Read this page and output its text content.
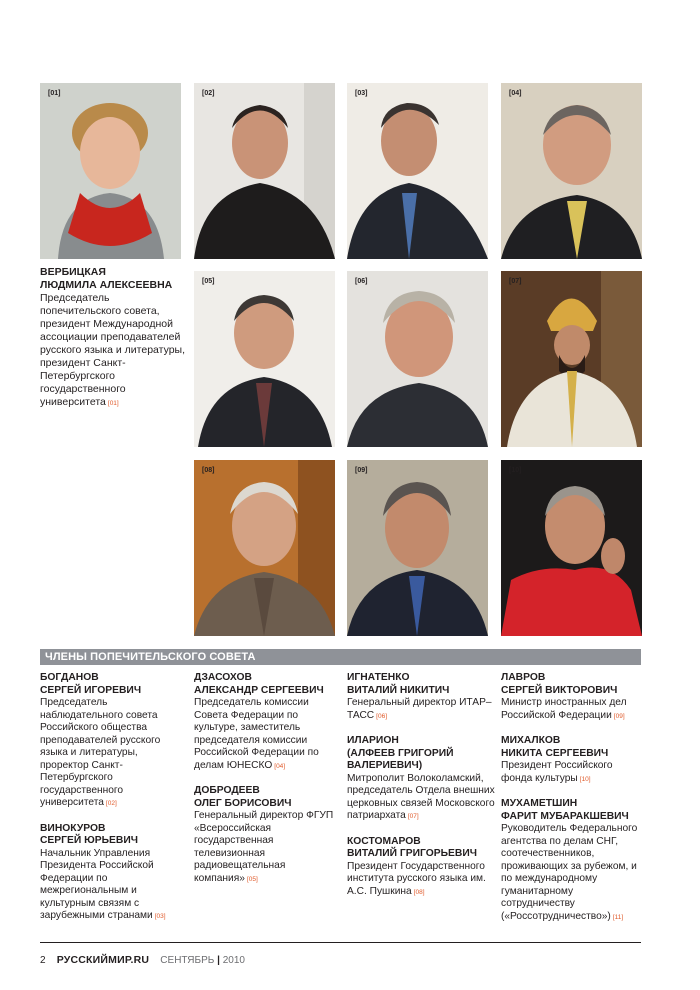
[01]	[02]	[03]	[04]
[05]	[06]	[07]
[08]	[09]	[10]

ВЕРБИЦКАЯ

ЛЮДМИЛА АЛЕКСЕЕВНА

Председатель попечительского совета, президент Международной ассоциации преподавателей русского языка и литературы, президент Санкт-Петербургского государственного университета [01]

ЧЛЕНЫ ПОПЕЧИТЕЛЬСКОГО СОВЕТА

БОГДАНОВ

СЕРГЕЙ ИГОРЕВИЧ

Председатель наблюдательного совета Российского общества преподавателей русского языка и литературы, проректор Санкт-Петербургского государственного университета [02]

ВИНОКУРОВ

СЕРГЕЙ ЮРЬЕВИЧ

Начальник Управления Президента Российской Федерации по межрегиональным и культурным связям с зарубежными странами [03]

ДЗАСОХОВ

АЛЕКСАНДР СЕРГЕЕВИЧ

Председатель комиссии Совета Федерации по культуре, заместитель председателя комиссии Российской Федерации по делам ЮНЕСКО [04]

ДОБРОДЕЕВ

ОЛЕГ БОРИСОВИЧ

Генеральный директор ФГУП «Всероссийская государственная телевизионная радиовещательная компания» [05]

ИГНАТЕНКО

ВИТАЛИЙ НИКИТИЧ

Генеральный директор ИТАР–ТАСС [06]

ИЛАРИОН

(АЛФЕЕВ ГРИГОРИЙ ВАЛЕРИЕВИЧ)

Митрополит Волоколамский, председатель Отдела внешних церковных связей Московского патриархата [07]

КОСТОМАРОВ

ВИТАЛИЙ ГРИГОРЬЕВИЧ

Президент Государственного института русского языка им. А.С. Пушкина [08]

ЛАВРОВ

СЕРГЕЙ ВИКТОРОВИЧ

Министр иностранных дел Российской Федерации [09]

МИХАЛКОВ

НИКИТА СЕРГЕЕВИЧ

Президент Российского фонда культуры [10]

МУХАМЕТШИН

ФАРИТ МУБАРАКШЕВИЧ

Руководитель Федерального агентства по делам СНГ, соотечественников, проживающих за рубежом, и по международному гуманитарному сотрудничеству («Россотрудничество») [11]

2 РУССКИЙМИР.RU СЕНТЯБРЬ | 2010
